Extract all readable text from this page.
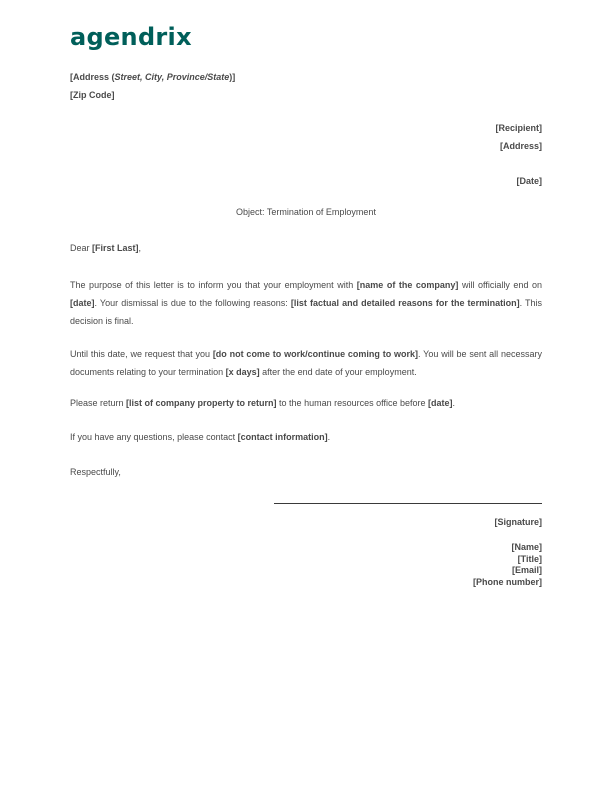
agendrix
[Address (Street, City, Province/State)]
[Zip Code]
[Recipient]
[Address]
[Date]
Object: Termination of Employment
Dear [First Last],
The purpose of this letter is to inform you that your employment with [name of the company] will officially end on [date]. Your dismissal is due to the following reasons: [list factual and detailed reasons for the termination]. This decision is final.
Until this date, we request that you [do not come to work/continue coming to work]. You will be sent all necessary documents relating to your termination [x days] after the end date of your employment.
Please return [list of company property to return] to the human resources office before [date].
If you have any questions, please contact [contact information].
Respectfully,
[Signature]
[Name]
[Title]
[Email]
[Phone number]
